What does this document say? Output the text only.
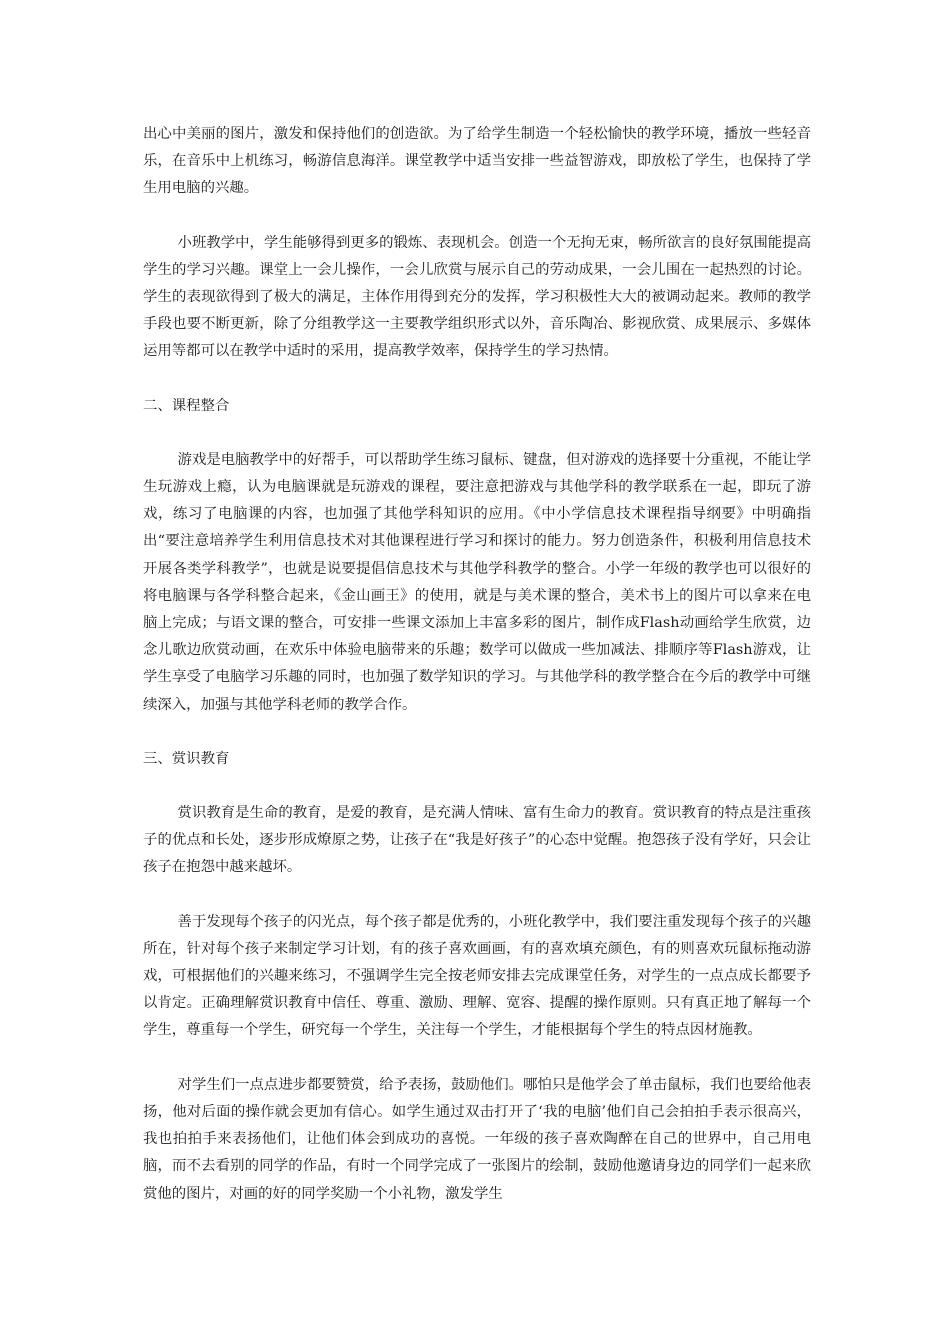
出心中美丽的图片，激发和保持他们的创造欲。为了给学生制造一个轻松愉快的教学环境，播放一些轻音乐，在音乐中上机练习，畅游信息海洋。课堂教学中适当安排一些益智游戏，即放松了学生，也保持了学生用电脑的兴趣。

小班教学中，学生能够得到更多的锻炼、表现机会。创造一个无拘无束，畅所欲言的良好氛围能提高学生的学习兴趣。课堂上一会儿操作，一会儿欣赏与展示自己的劳动成果，一会儿围在一起热烈的讨论。学生的表现欲得到了极大的满足，主体作用得到充分的发挥，学习积极性大大的被调动起来。教师的教学手段也要不断更新，除了分组教学这一主要教学组织形式以外，音乐陶冶、影视欣赏、成果展示、多媒体运用等都可以在教学中适时的采用，提高教学效率，保持学生的学习热情。

二、课程整合

游戏是电脑教学中的好帮手，可以帮助学生练习鼠标、键盘，但对游戏的选择要十分重视，不能让学生玩游戏上瘾，认为电脑课就是玩游戏的课程，要注意把游戏与其他学科的教学联系在一起，即玩了游戏，练习了电脑课的内容，也加强了其他学科知识的应用。《中小学信息技术课程指导纲要》中明确指出“要注意培养学生利用信息技术对其他课程进行学习和探讨的能力。努力创造条件，积极利用信息技术开展各类学科教学”，也就是说要提倡信息技术与其他学科教学的整合。小学一年级的教学也可以很好的将电脑课与各学科整合起来，《金山画王》的使用，就是与美术课的整合，美术书上的图片可以拿来在电脑上完成；与语文课的整合，可安排一些课文添加上丰富多彩的图片，制作成Flash动画给学生欣赏，边念儿歌边欣赏动画，在欢乐中体验电脑带来的乐趣；数学可以做成一些加减法、排顺序等Flash游戏，让学生享受了电脑学习乐趣的同时，也加强了数学知识的学习。与其他学科的教学整合在今后的教学中可继续深入，加强与其他学科老师的教学合作。

三、赏识教育

赏识教育是生命的教育，是爱的教育，是充满人情味、富有生命力的教育。赏识教育的特点是注重孩子的优点和长处，逐步形成燎原之势，让孩子在“我是好孩子”的心态中觉醒。抱怨孩子没有学好，只会让孩子在抱怨中越来越坏。

善于发现每个孩子的闪光点，每个孩子都是优秀的，小班化教学中，我们要注重发现每个孩子的兴趣所在，针对每个孩子来制定学习计划，有的孩子喜欢画画，有的喜欢填充颜色，有的则喜欢玩鼠标拖动游戏，可根据他们的兴趣来练习，不强调学生完全按老师安排去完成课堂任务，对学生的一点点成长都要予以肯定。正确理解赏识教育中信任、尊重、激励、理解、宽容、提醒的操作原则。只有真正地了解每一个学生，尊重每一个学生，研究每一个学生，关注每一个学生，才能根据每个学生的特点因材施教。

对学生们一点点进步都要赞赏，给予表扬，鼓励他们。哪怕只是他学会了单击鼠标，我们也要给他表扬，他对后面的操作就会更加有信心。如学生通过双击打开了‘我的电脑’他们自己会拍拍手表示很高兴，我也拍拍手来表扬他们，让他们体会到成功的喜悦。一年级的孩子喜欢陶醉在自己的世界中，自己用电脑，而不去看别的同学的作品，有时一个同学完成了一张图片的绘制，鼓励他邀请身边的同学们一起来欣赏他的图片，对画的好的同学奖励一个小礼物，激发学生
